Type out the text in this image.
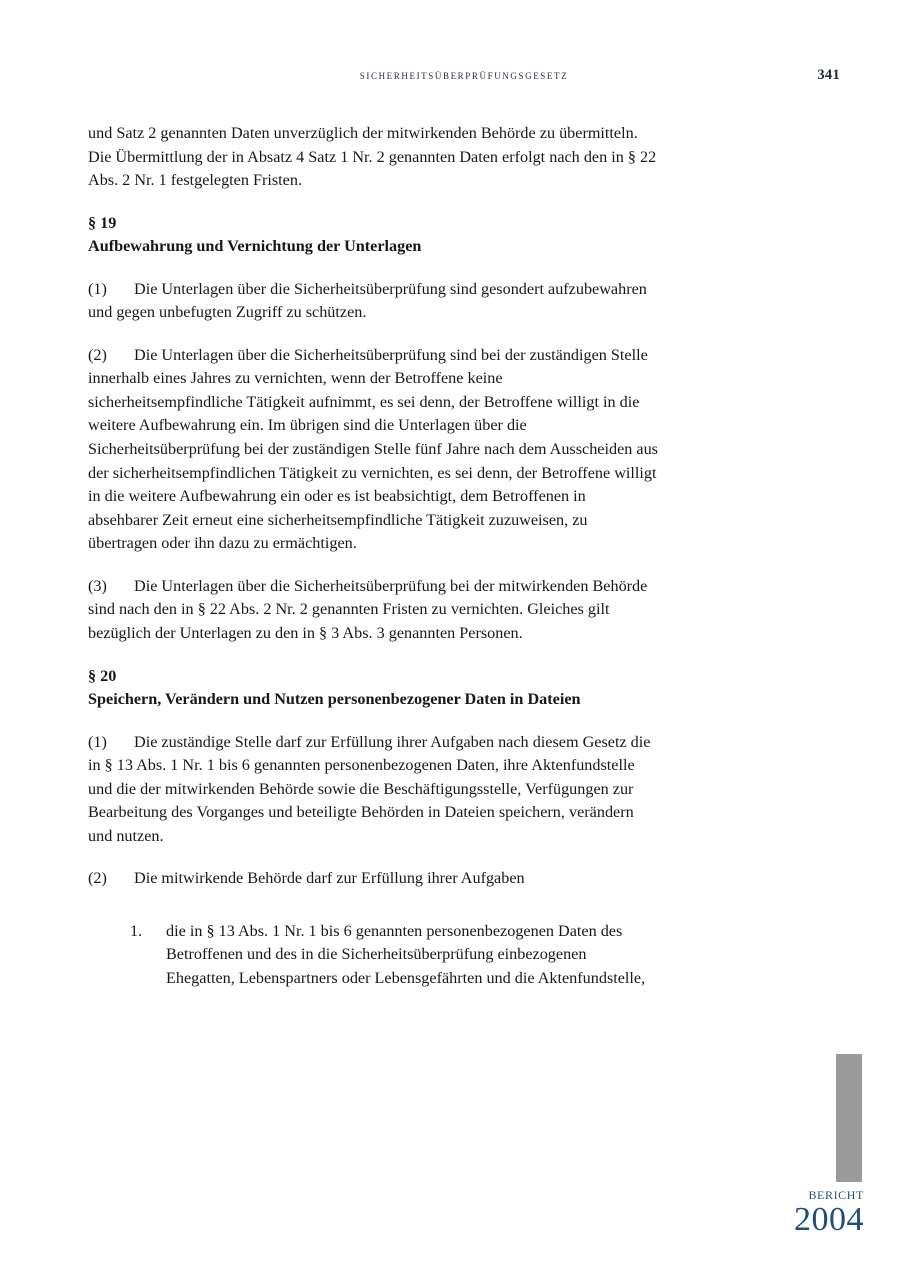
sicherheitsüberprüfungsgesetz	341

und Satz 2 genannten Daten unverzüglich der mitwirkenden Behörde zu übermitteln. Die Übermittlung der in Absatz 4 Satz 1 Nr. 2 genannten Daten erfolgt nach den in § 22 Abs. 2 Nr. 1 festgelegten Fristen.

§ 19
Aufbewahrung und Vernichtung der Unterlagen

(1) Die Unterlagen über die Sicherheitsüberprüfung sind gesondert aufzubewahren und gegen unbefugten Zugriff zu schützen.

(2) Die Unterlagen über die Sicherheitsüberprüfung sind bei der zuständigen Stelle innerhalb eines Jahres zu vernichten, wenn der Betroffene keine sicherheitsempfindliche Tätigkeit aufnimmt, es sei denn, der Betroffene willigt in die weitere Aufbewahrung ein. Im übrigen sind die Unterlagen über die Sicherheitsüberprüfung bei der zuständigen Stelle fünf Jahre nach dem Ausscheiden aus der sicherheitsempfindlichen Tätigkeit zu vernichten, es sei denn, der Betroffene willigt in die weitere Aufbewahrung ein oder es ist beabsichtigt, dem Betroffenen in absehbarer Zeit erneut eine sicherheitsempfindliche Tätigkeit zuzuweisen, zu übertragen oder ihn dazu zu ermächtigen.

(3) Die Unterlagen über die Sicherheitsüberprüfung bei der mitwirkenden Behörde sind nach den in § 22 Abs. 2 Nr. 2 genannten Fristen zu vernichten. Gleiches gilt bezüglich der Unterlagen zu den in § 3 Abs. 3 genannten Personen.

§ 20
Speichern, Verändern und Nutzen personenbezogener Daten in Dateien

(1) Die zuständige Stelle darf zur Erfüllung ihrer Aufgaben nach diesem Gesetz die in § 13 Abs. 1 Nr. 1 bis 6 genannten personenbezogenen Daten, ihre Aktenfundstelle und die der mitwirkenden Behörde sowie die Beschäftigungsstelle, Verfügungen zur Bearbeitung des Vorganges und beteiligte Behörden in Dateien speichern, verändern und nutzen.

(2) Die mitwirkende Behörde darf zur Erfüllung ihrer Aufgaben

1.	die in § 13 Abs. 1 Nr. 1 bis 6 genannten personenbezogenen Daten des Betroffenen und des in die Sicherheitsüberprüfung einbezogenen Ehegatten, Lebenspartners oder Lebensgefährten und die Aktenfundstelle,
bericht
2004
